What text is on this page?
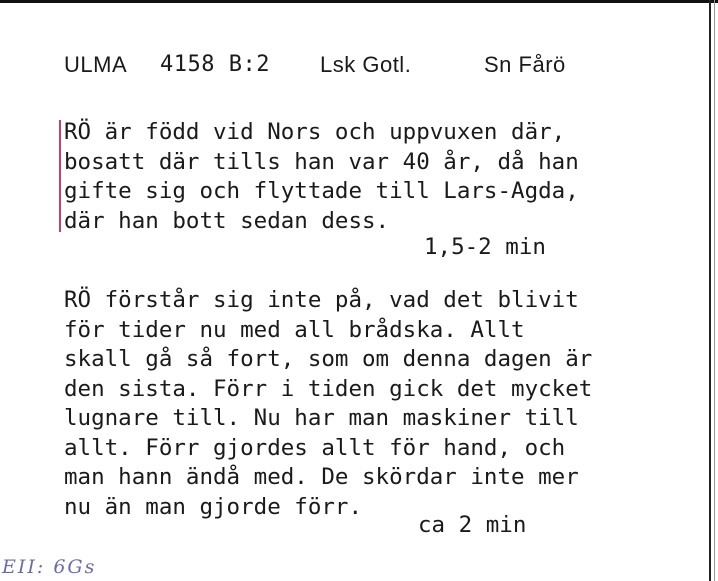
ULMA

4158 B:2

Lsk Gotl.

	Sn Fårö

RÖ är född vid Nors och uppvuxen där,
bosatt där tills han var 40 år, då han
gifte sig och flyttade till Lars-Agda,
där han bott sedan dess.
1,5-2 min
RÖ förstår sig inte på, vad det blivit
för tider nu med all brådska. Allt
skall gå så fort, som om denna dagen är
den sista. Förr i tiden gick det mycket
lugnare till. Nu har man maskiner till
allt. Förr gjordes allt för hand, och
man hann ändå med. De skördar inte mer
nu än man gjorde förr.
ca 2 min
EII: 6Gs
